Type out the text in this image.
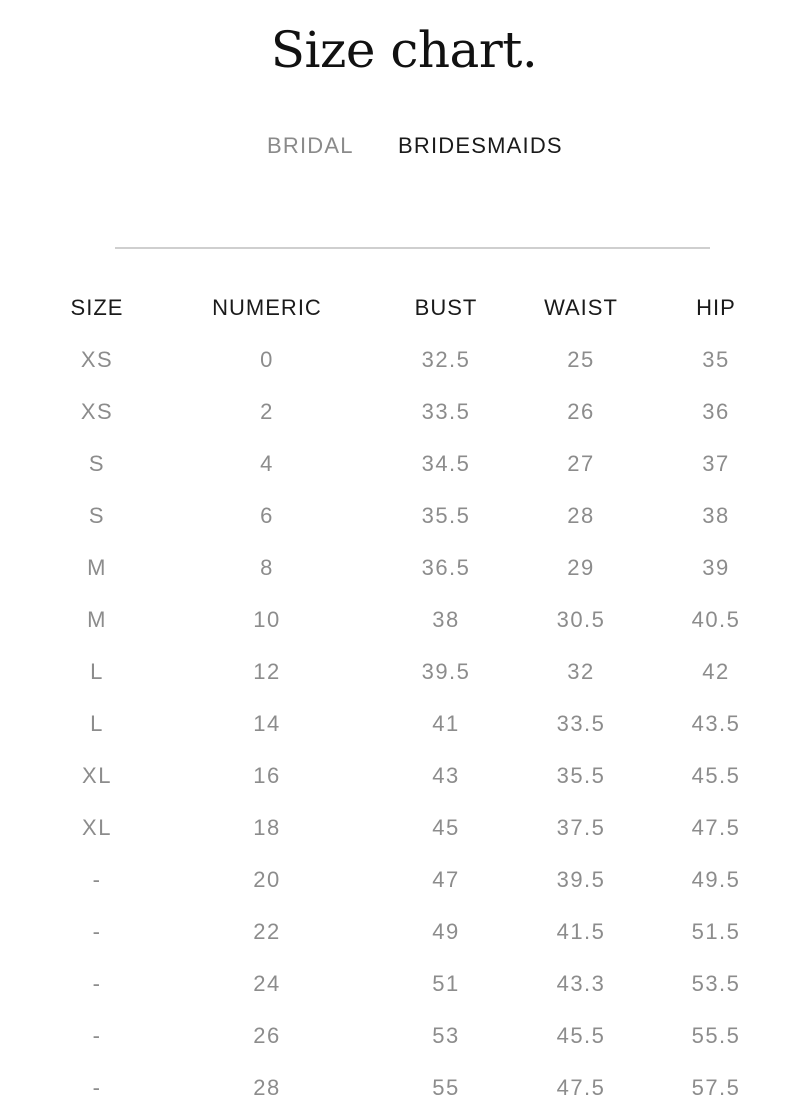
Size chart.
BRIDAL BRIDESMAIDS
SIZE	NUMERIC	BUST	WAIST	HIP
XS	0	32.5	25	35
XS	2	33.5	26	36
S	4	34.5	27	37
S	6	35.5	28	38
M	8	36.5	29	39
M	10	38	30.5	40.5
L	12	39.5	32	42
L	14	41	33.5	43.5
XL	16	43	35.5	45.5
XL	18	45	37.5	47.5
-	20	47	39.5	49.5
-	22	49	41.5	51.5
-	24	51	43.3	53.5
-	26	53	45.5	55.5
-	28	55	47.5	57.5
